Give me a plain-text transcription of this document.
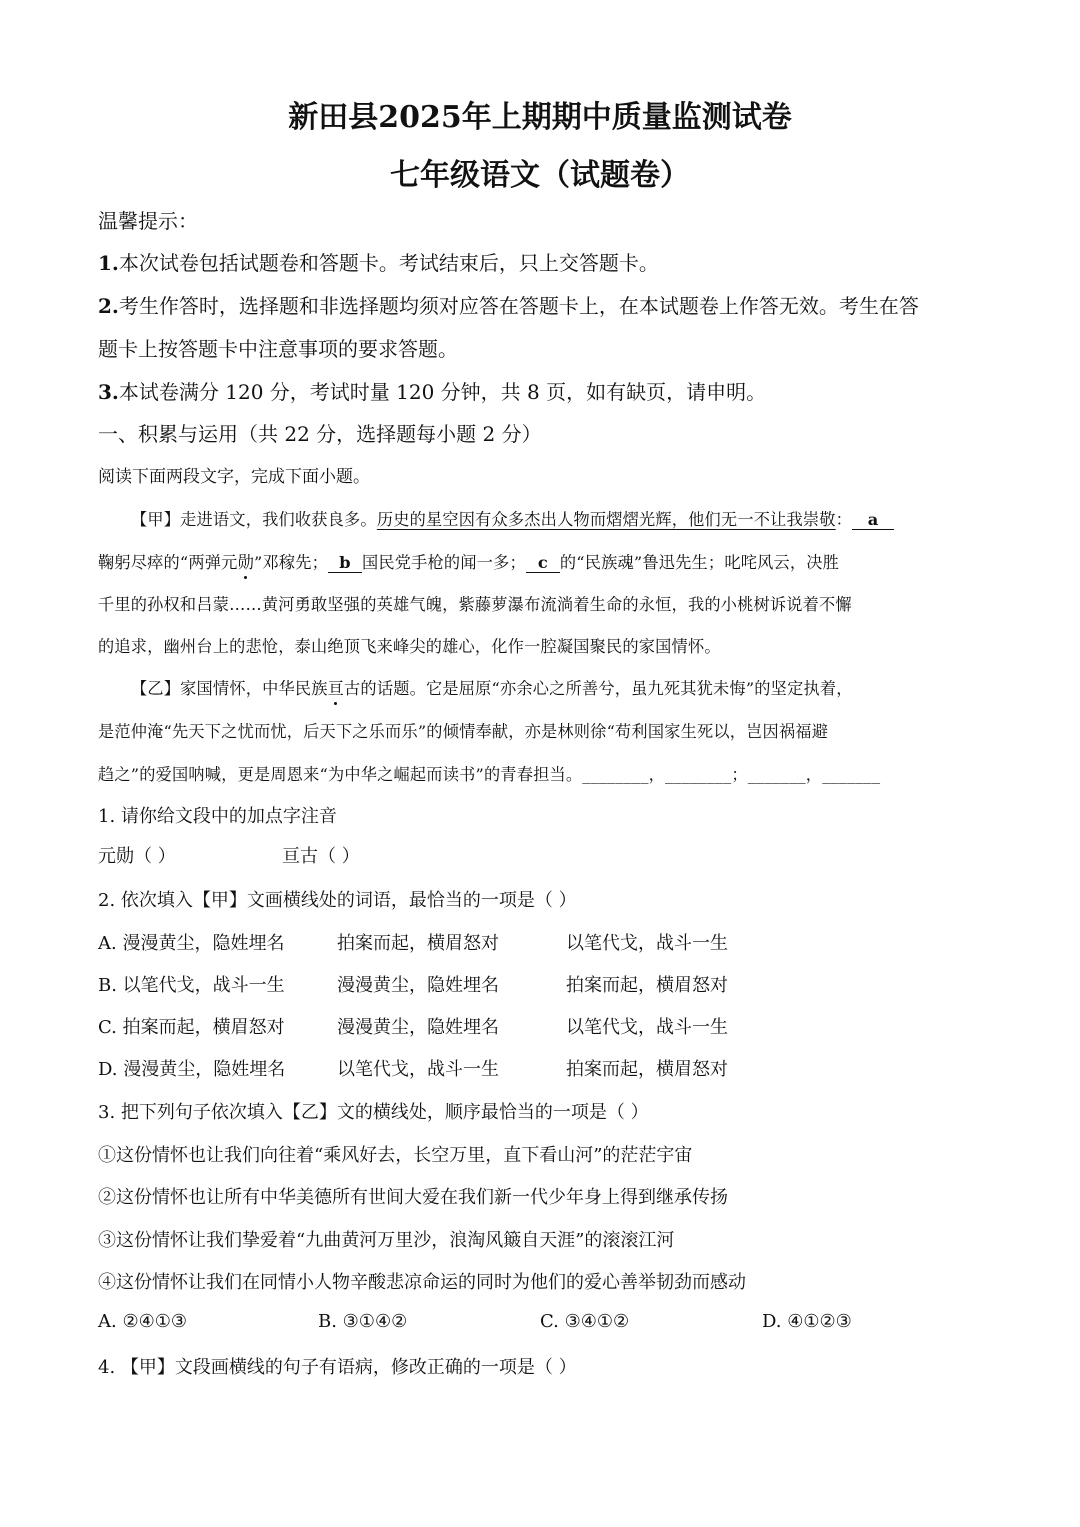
新田县2025年上期期中质量监测试卷
七年级语文（试题卷）
温馨提示：
1.本次试卷包括试题卷和答题卡。考试结束后，只上交答题卡。
2.考生作答时，选择题和非选择题均须对应答在答题卡上，在本试题卷上作答无效。考生在答
题卡上按答题卡中注意事项的要求答题。
3.本试卷满分 120 分，考试时量 120 分钟，共 8 页，如有缺页，请申明。
一、积累与运用（共 22 分，选择题每小题 2 分）
阅读下面两段文字，完成下面小题。
【甲】走进语文，我们收获良多。历史的星空因有众多杰出人物而熠熠光辉，他们无一不让我崇敬： a
鞠躬尽瘁的“两弹元勋”邓稼先； b 国民党手枪的闻一多； c 的“民族魂”鲁迅先生；叱咤风云，决胜
千里的孙权和吕蒙……黄河勇敢坚强的英雄气魄，紫藤萝瀑布流淌着生命的永恒，我的小桃树诉说着不懈
的追求，幽州台上的悲怆，泰山绝顶飞来峰尖的雄心，化作一腔凝国聚民的家国情怀。
【乙】家国情怀，中华民族亘古的话题。它是屈原“亦余心之所善兮，虽九死其犹未悔”的坚定执着，
是范仲淹“先天下之忧而忧，后天下之乐而乐”的倾情奉献，亦是林则徐“苟利国家生死以，岂因祸福避
趋之”的爱国呐喊，更是周恩来“为中华之崛起而读书”的青春担当。________，________；_______，_______
1. 请你给文段中的加点字注音
元勋（ ）	亘古（ ）
2. 依次填入【甲】文画横线处的词语，最恰当的一项是（ ）
A. 漫漫黄尘，隐姓埋名	拍案而起，横眉怒对	以笔代戈，战斗一生
B. 以笔代戈，战斗一生	漫漫黄尘，隐姓埋名	拍案而起，横眉怒对
C. 拍案而起，横眉怒对	漫漫黄尘，隐姓埋名	以笔代戈，战斗一生
D. 漫漫黄尘，隐姓埋名	以笔代戈，战斗一生	拍案而起，横眉怒对
3. 把下列句子依次填入【乙】文的横线处，顺序最恰当的一项是（ ）
①这份情怀也让我们向往着“乘风好去，长空万里，直下看山河”的茫茫宇宙
②这份情怀也让所有中华美德所有世间大爱在我们新一代少年身上得到继承传扬
③这份情怀让我们挚爱着“九曲黄河万里沙，浪淘风簸自天涯”的滚滚江河
④这份情怀让我们在同情小人物辛酸悲凉命运的同时为他们的爱心善举韧劲而感动
A. ②④①③	B. ③①④②	C. ③④①②	D. ④①②③
4. 【甲】文段画横线的句子有语病，修改正确的一项是（ ）
